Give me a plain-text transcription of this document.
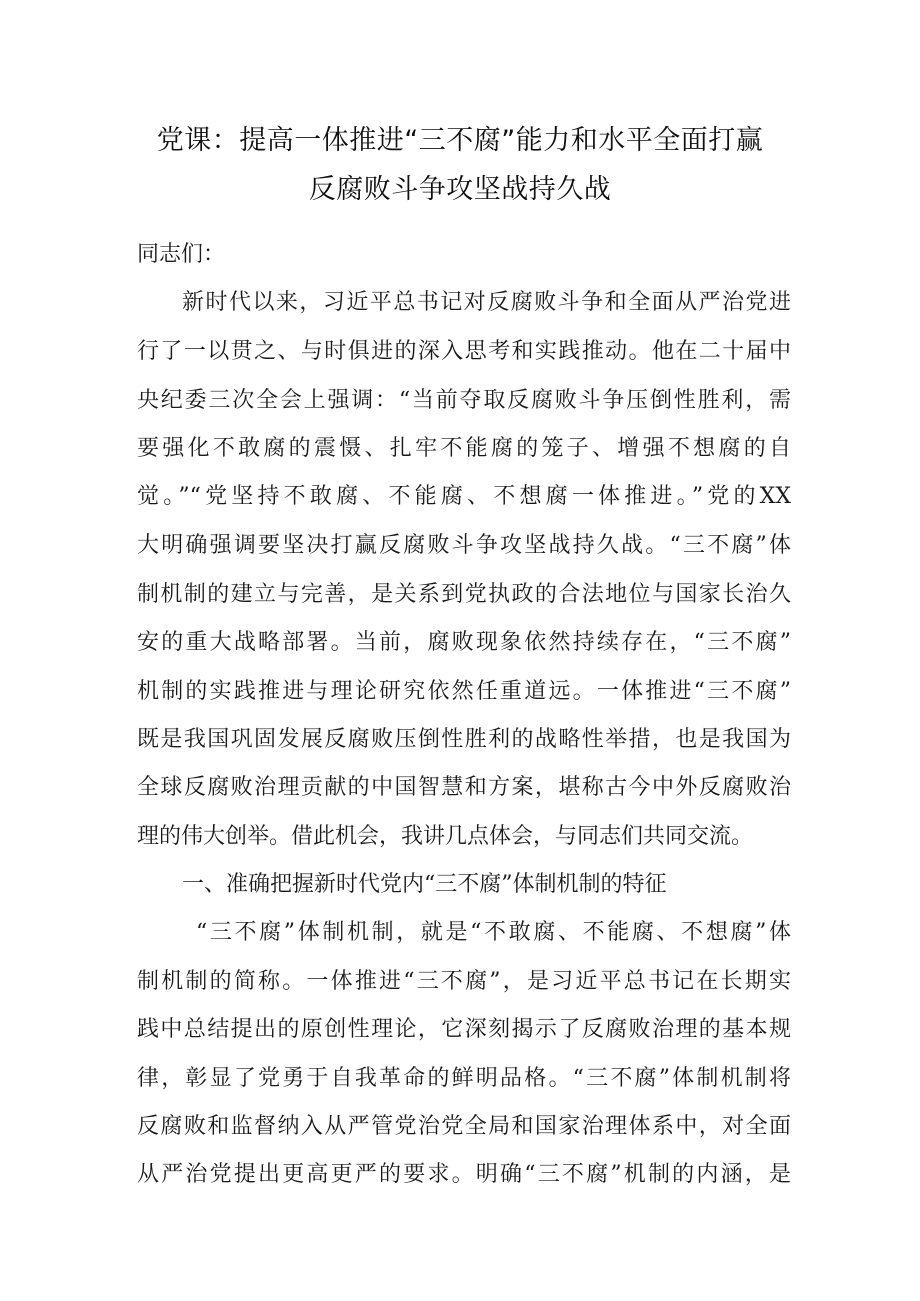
党课：提高一体推进“三不腐”能力和水平全面打赢
反腐败斗争攻坚战持久战
同志们：
新时代以来，习近平总书记对反腐败斗争和全面从严治党进
行了一以贯之、与时俱进的深入思考和实践推动。他在二十届中
央纪委三次全会上强调：“当前夺取反腐败斗争压倒性胜利，需
要强化不敢腐的震慑、扎牢不能腐的笼子、增强不想腐的自
觉。”“党坚持不敢腐、不能腐、不想腐一体推进。”党的XX
大明确强调要坚决打赢反腐败斗争攻坚战持久战。“三不腐”体
制机制的建立与完善，是关系到党执政的合法地位与国家长治久
安的重大战略部署。当前，腐败现象依然持续存在，“三不腐”
机制的实践推进与理论研究依然任重道远。一体推进“三不腐”
既是我国巩固发展反腐败压倒性胜利的战略性举措，也是我国为
全球反腐败治理贡献的中国智慧和方案，堪称古今中外反腐败治
理的伟大创举。借此机会，我讲几点体会，与同志们共同交流。
一、准确把握新时代党内“三不腐”体制机制的特征
“三不腐”体制机制，就是“不敢腐、不能腐、不想腐”体
制机制的简称。一体推进“三不腐”，是习近平总书记在长期实
践中总结提出的原创性理论，它深刻揭示了反腐败治理的基本规
律，彰显了党勇于自我革命的鲜明品格。“三不腐”体制机制将
反腐败和监督纳入从严管党治党全局和国家治理体系中，对全面
从严治党提出更高更严的要求。明确“三不腐”机制的内涵，是
